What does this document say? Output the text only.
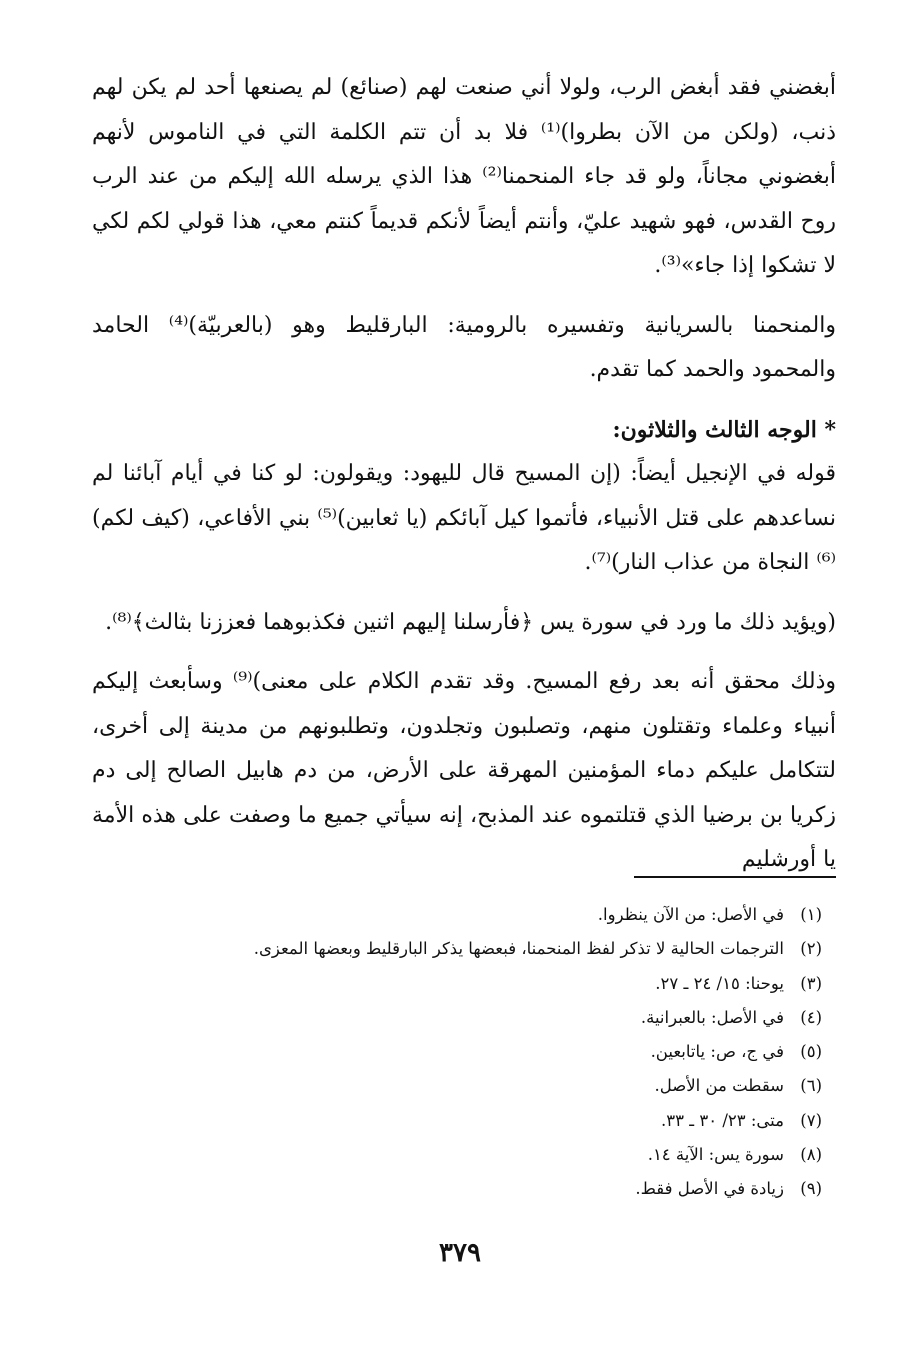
أبغضني فقد أبغض الرب، ولولا أني صنعت لهم (صنائع) لم يصنعها أحد لم يكن لهم ذنب، (ولكن من الآن بطروا)⁽¹⁾ فلا بد أن تتم الكلمة التي في الناموس لأنهم أبغضوني مجاناً، ولو قد جاء المنحمنا⁽²⁾ هذا الذي يرسله الله إليكم من عند الرب روح القدس، فهو شهيد عليّ، وأنتم أيضاً لأنكم قديماً كنتم معي، هذا قولي لكم لكي لا تشكوا إذا جاء»⁽³⁾.

والمنحمنا بالسريانية وتفسيره بالرومية: البارقليط وهو (بالعربيّة)⁽⁴⁾ الحامد والمحمود والحمد كما تقدم.

* الوجه الثالث والثلاثون:

قوله في الإنجيل أيضاً: (إن المسيح قال لليهود: ويقولون: لو كنا في أيام آبائنا لم نساعدهم على قتل الأنبياء، فأتموا كيل آبائكم (يا ثعابين)⁽⁵⁾ بني الأفاعي، (كيف لكم)⁽⁶⁾ النجاة من عذاب النار)⁽⁷⁾.

(ويؤيد ذلك ما ورد في سورة يس ﴿فأرسلنا إليهم اثنين فكذبوهما فعززنا بثالث﴾⁽⁸⁾.

وذلك محقق أنه بعد رفع المسيح. وقد تقدم الكلام على معنى)⁽⁹⁾ وسأبعث إليكم أنبياء وعلماء وتقتلون منهم، وتصلبون وتجلدون، وتطلبونهم من مدينة إلى أخرى، لتتكامل عليكم دماء المؤمنين المهرقة على الأرض، من دم هابيل الصالح إلى دم زكريا بن برضيا الذي قتلتموه عند المذبح، إنه سيأتي جميع ما وصفت على هذه الأمة يا أورشليم

(١)
في الأصل: من الآن ينظروا.
(٢)
الترجمات الحالية لا تذكر لفظ المنحمنا، فبعضها يذكر البارقليط وبعضها المعزى.
(٣)
يوحنا: ١٥/ ٢٤ ـ ٢٧.
(٤)
في الأصل: بالعبرانية.
(٥)
في ج، ص: ياتابعين.
(٦)
سقطت من الأصل.
(٧)
متى: ٢٣/ ٣٠ ـ ٣٣.
(٨)
سورة يس: الآية ١٤.
(٩)
زيادة في الأصل فقط.
٣٧٩
